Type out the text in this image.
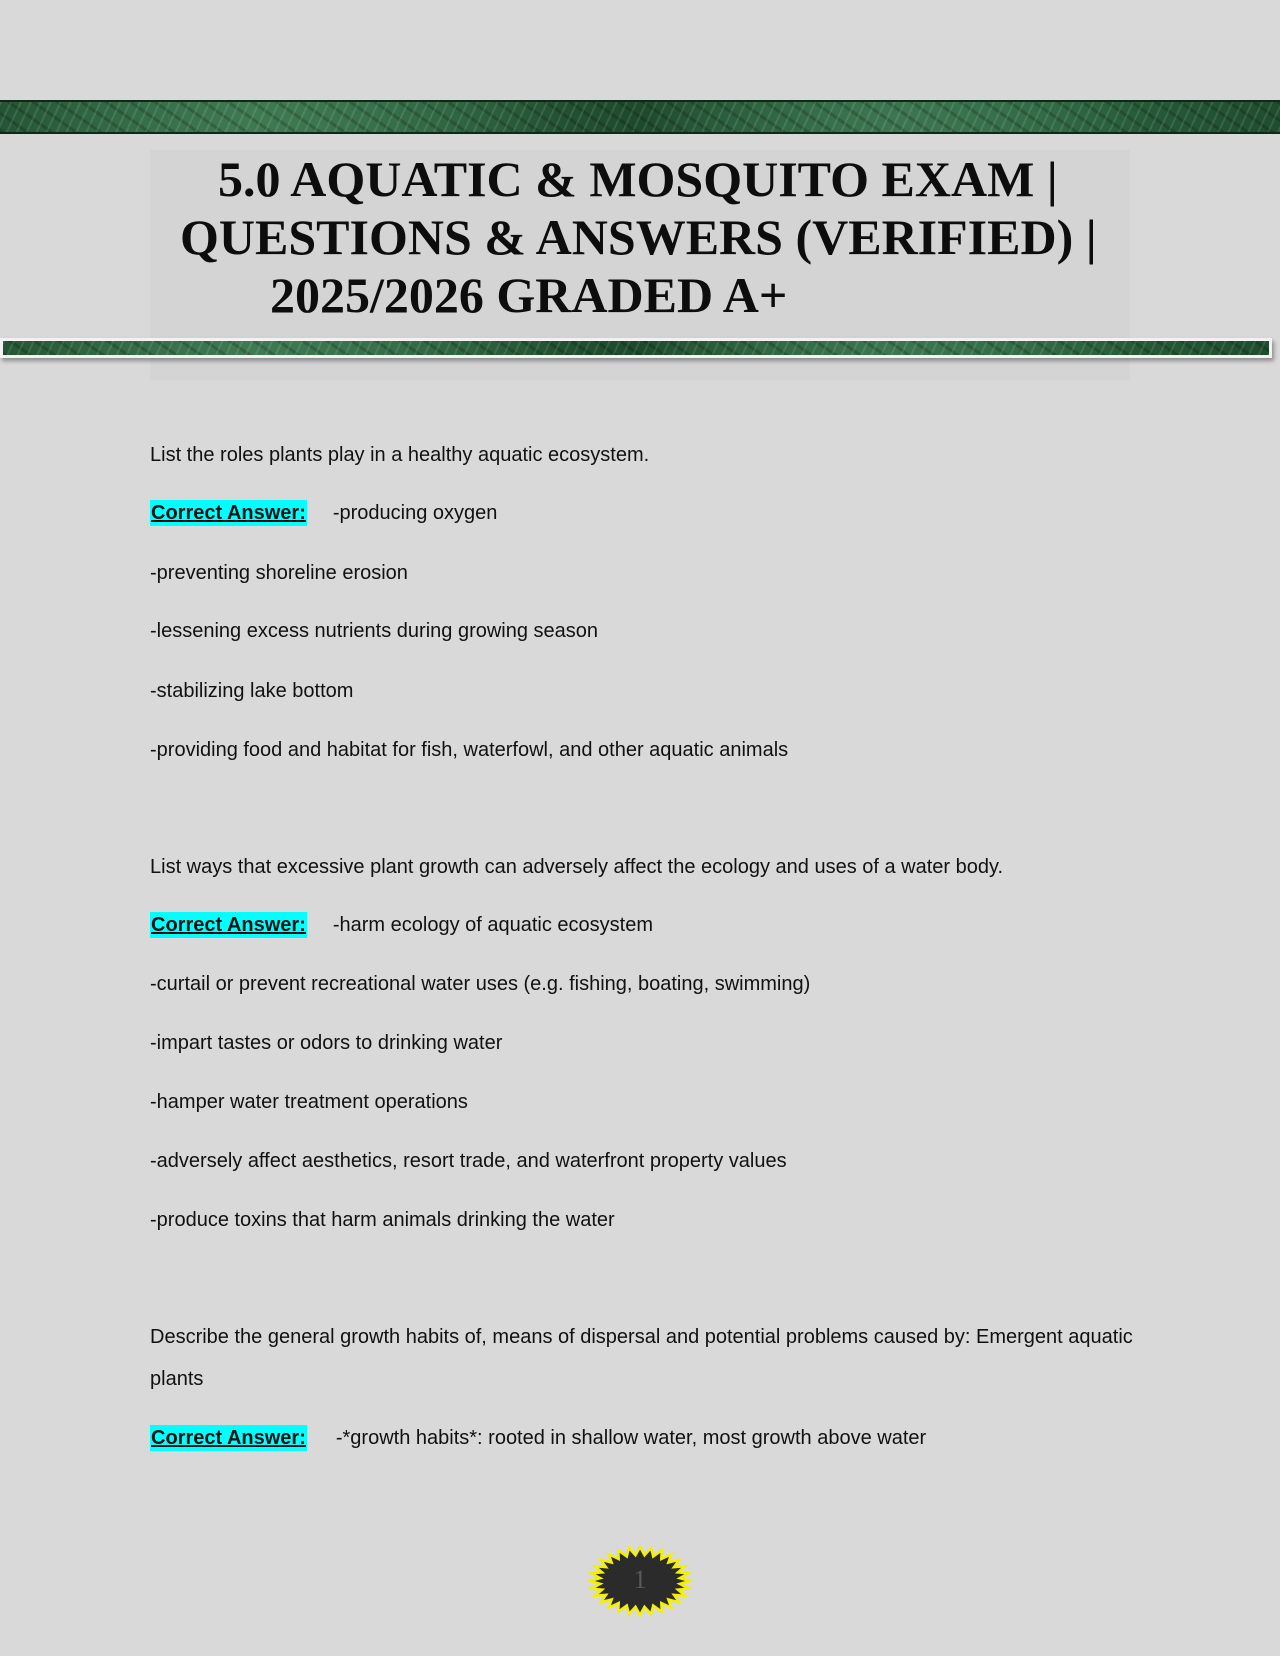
5.0 AQUATIC & MOSQUITO EXAM |
QUESTIONS & ANSWERS (VERIFIED) |
2025/2026 GRADED A+

List the roles plants play in a healthy aquatic ecosystem.

Correct Answer: -producing oxygen

-preventing shoreline erosion

-lessening excess nutrients during growing season

-stabilizing lake bottom

-providing food and habitat for fish, waterfowl, and other aquatic animals

List ways that excessive plant growth can adversely affect the ecology and uses of a water body.

Correct Answer: -harm ecology of aquatic ecosystem

-curtail or prevent recreational water uses (e.g. fishing, boating, swimming)

-impart tastes or odors to drinking water

-hamper water treatment operations

-adversely affect aesthetics, resort trade, and waterfront property values

-produce toxins that harm animals drinking the water

Describe the general growth habits of, means of dispersal and potential problems caused by: Emergent aquatic plants

Correct Answer: -*growth habits*: rooted in shallow water, most growth above water
1
